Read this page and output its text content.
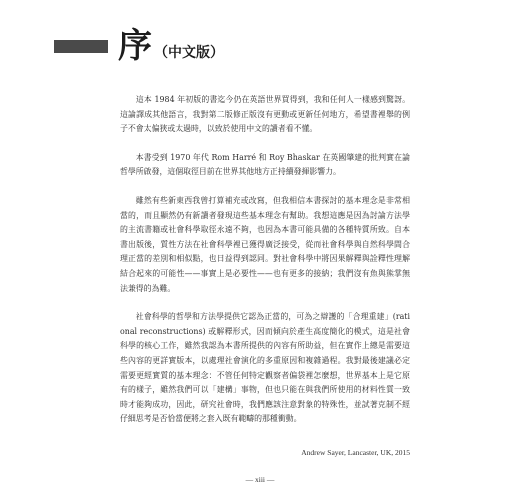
序 （中文版）

這本 1984 年初版的書迄今仍在英語世界買得到，我和任何人一樣感到驚訝。這論譯成其他語言，我對第二版修正版沒有更動或更新任何地方，希望書裡舉的例子不會太偏狹或太過時，以致於使用中文的讀者看不懂。

本書受到 1970 年代 Rom Harré 和 Roy Bhaskar 在英國肇建的批判實在論哲學所啟發，這個取徑目前在世界其他地方正持續發揮影響力。

雖然有些新東西我曾打算補充或改寫，但我相信本書探討的基本理念是非常相當的，而且顯然仍有新讀者發現這些基本理念有幫助。我想這應是因為討論方法學的主流書籍或社會科學取徑永遠不夠，也因為本書可能具備的各種特質所致。自本書出版後，質性方法在社會科學裡已獲得廣泛接受，從而社會科學與自然科學間合理正當的差別和相似點，也日益得到認同。對社會科學中將因果解釋與詮釋性理解結合起來的可能性——事實上是必要性——也有更多的接納；我們沒有魚與熊掌無法兼得的為難。

社會科學的哲學和方法學提供它認為正當的，可為之辯護的「合理重建」(rational reconstructions) 或解釋形式，因而傾向於產生高度簡化的模式，這是社會科學的核心工作，雖然我認為本書所提供的內容有所助益，但在實作上總是需要這些內容的更詳實版本，以處理社會演化的多重原因和複雜過程。我對最後建議必定需要更經實質的基本理念：不管任何特定觀察者偏袋裡怎麼想，世界基本上是它原有的樣子，雖然我們可以「建構」事物，但也只能在與我們所使用的材料性質一致時才能夠成功，因此，研究社會時，我們應該注意對象的特殊性，並試著克制不經仔細思考是否恰當便將之套入既有範疇的那種衝動。

Andrew Sayer, Lancaster, UK, 2015
— xiii —
